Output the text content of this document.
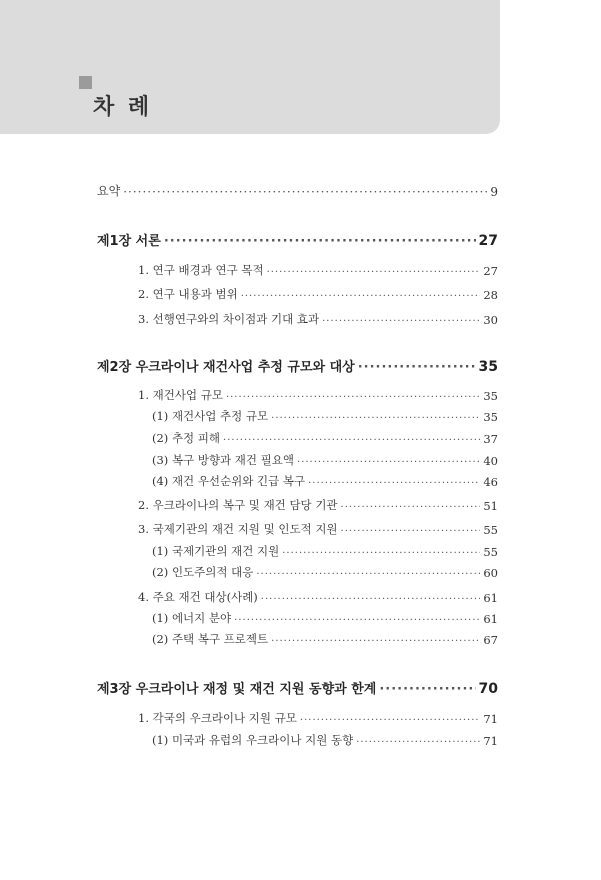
차 례
요약 ·····	9
제1장 서론 ·····	27
1. 연구 배경과 연구 목적 ·····	27
2. 연구 내용과 범위 ·····	28
3. 선행연구와의 차이점과 기대 효과 ·····	30
제2장 우크라이나 재건사업 추정 규모와 대상 ·····	35
1. 재건사업 규모 ·····	35
(1) 재건사업 추정 규모 ·····	35
(2) 추정 피해 ·····	37
(3) 복구 방향과 재건 필요액 ·····	40
(4) 재건 우선순위와 긴급 복구 ·····	46
2. 우크라이나의 복구 및 재건 담당 기관 ·····	51
3. 국제기관의 재건 지원 및 인도적 지원 ·····	55
(1) 국제기관의 재건 지원 ·····	55
(2) 인도주의적 대응 ·····	60
4. 주요 재건 대상(사례) ·····	61
(1) 에너지 분야 ·····	61
(2) 주택 복구 프로젝트 ·····	67
제3장 우크라이나 재정 및 재건 지원 동향과 한계 ·····	70
1. 각국의 우크라이나 지원 규모 ·····	71
(1) 미국과 유럽의 우크라이나 지원 동향 ·····	71
